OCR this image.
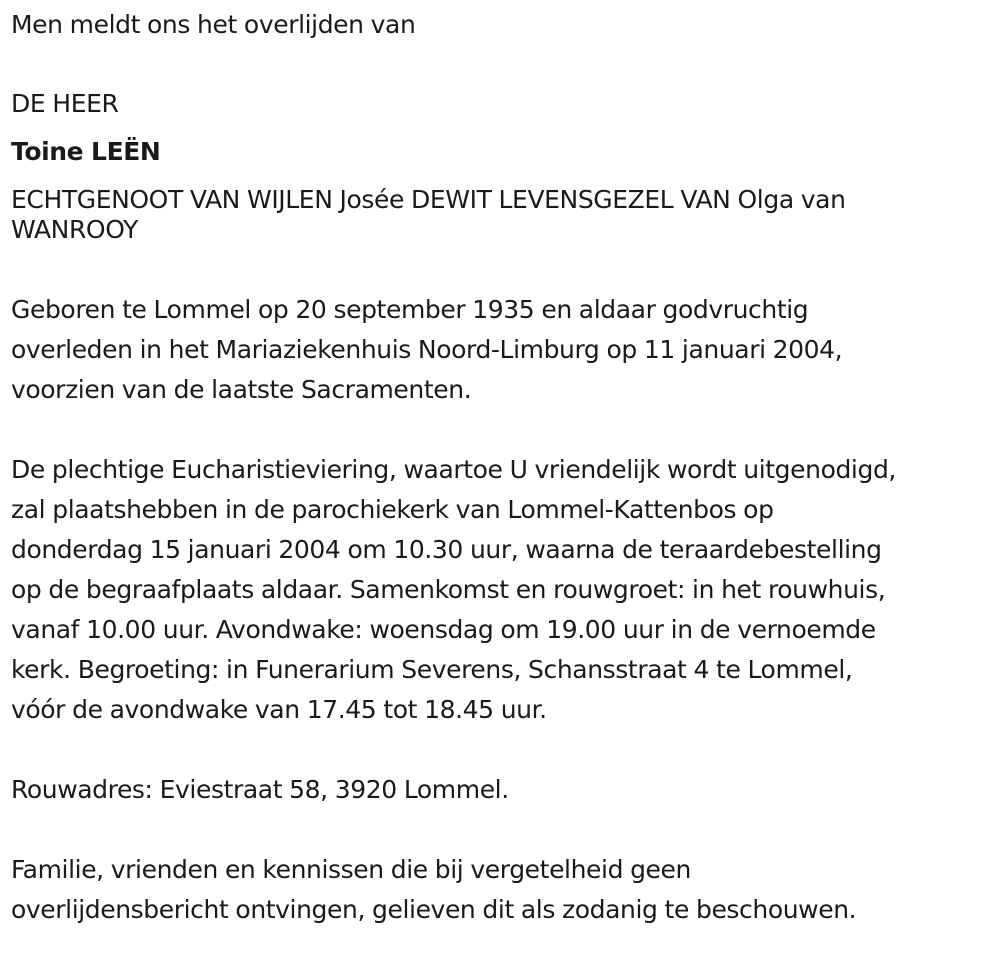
Men meldt ons het overlijden van
DE HEER
Toine LEËN
ECHTGENOOT VAN WIJLEN Josée DEWIT LEVENSGEZEL VAN Olga van
WANROOY
Geboren te Lommel op 20 september 1935 en aldaar godvruchtig
overleden in het Mariaziekenhuis Noord-Limburg op 11 januari 2004,
voorzien van de laatste Sacramenten.
De plechtige Eucharistieviering, waartoe U vriendelijk wordt uitgenodigd,
zal plaatshebben in de parochiekerk van Lommel-Kattenbos op
donderdag 15 januari 2004 om 10.30 uur, waarna de teraardebestelling
op de begraafplaats aldaar. Samenkomst en rouwgroet: in het rouwhuis,
vanaf 10.00 uur. Avondwake: woensdag om 19.00 uur in de vernoemde
kerk. Begroeting: in Funerarium Severens, Schansstraat 4 te Lommel,
vóór de avondwake van 17.45 tot 18.45 uur.
Rouwadres: Eviestraat 58, 3920 Lommel.
Familie, vrienden en kennissen die bij vergetelheid geen
overlijdensbericht ontvingen, gelieven dit als zodanig te beschouwen.
